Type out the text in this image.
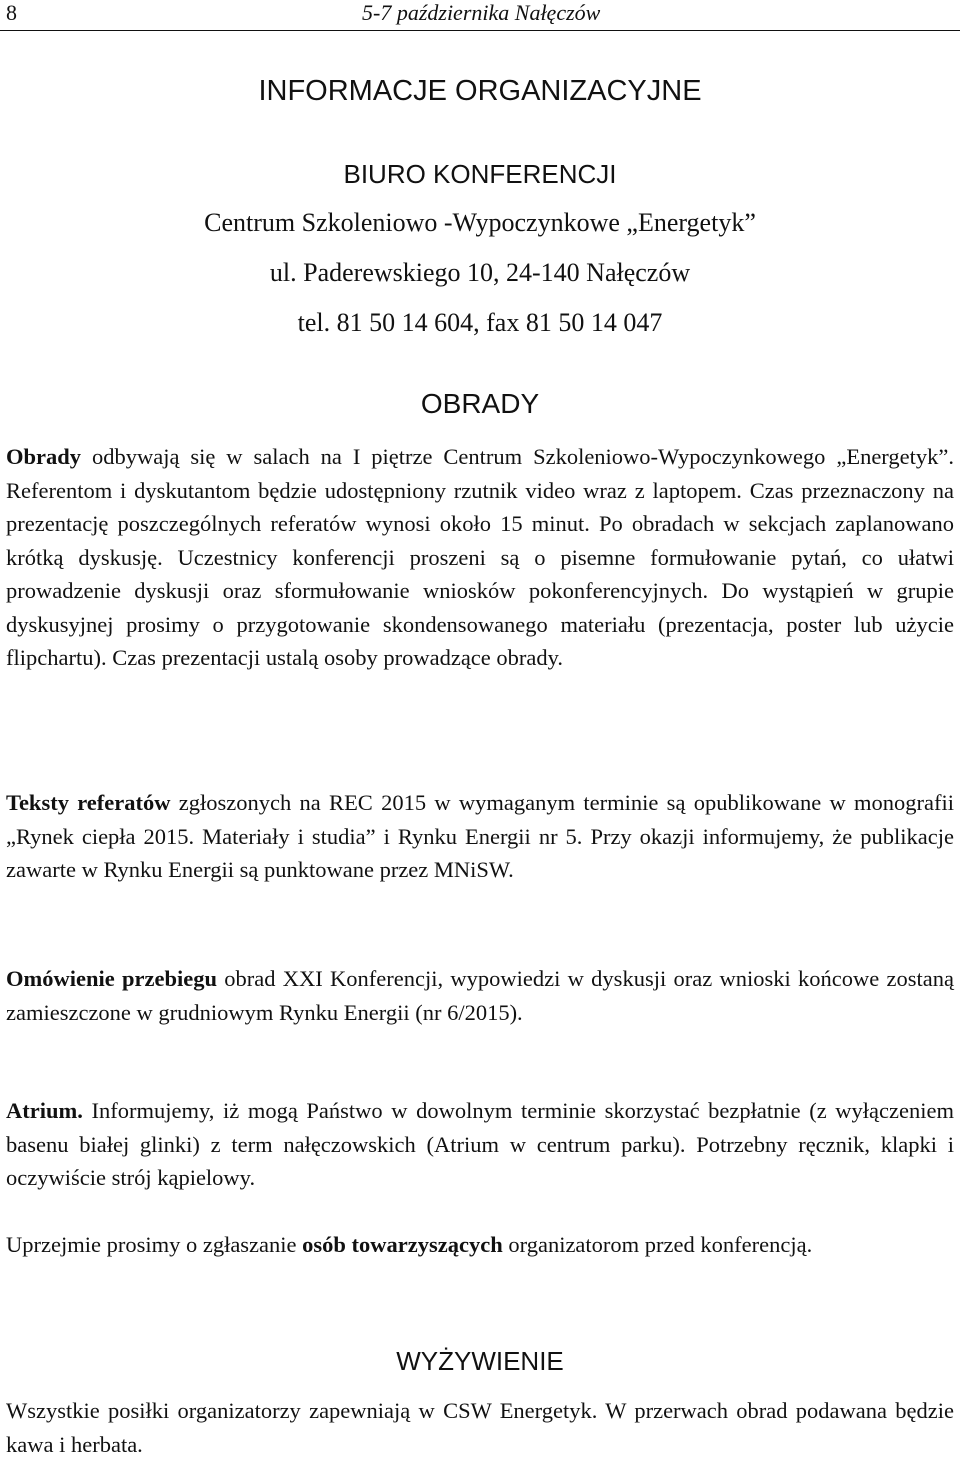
8	5-7 października Nałęczów
INFORMACJE ORGANIZACYJNE
BIURO KONFERENCJI
Centrum Szkoleniowo -Wypoczynkowe „Energetyk”
ul. Paderewskiego 10, 24-140 Nałęczów
tel. 81 50 14 604, fax 81 50 14 047
OBRADY

Obrady odbywają się w salach na I piętrze Centrum Szkoleniowo-Wypoczynkowego „Energetyk”. Referentom i dyskutantom będzie udostępniony rzutnik video wraz z laptopem. Czas przeznaczony na prezentację poszczególnych referatów wynosi około 15 minut. Po obradach w sekcjach zaplanowano krótką dyskusję. Uczestnicy konferencji proszeni są o pisemne formułowanie pytań, co ułatwi prowadzenie dyskusji oraz sformułowanie wniosków pokonferencyjnych. Do wystąpień w grupie dyskusyjnej prosimy o przygotowanie skondensowanego materiału (prezentacja, poster lub użycie flipchartu). Czas prezentacji ustalą osoby prowadzące obrady.

Teksty referatów zgłoszonych na REC 2015 w wymaganym terminie są opublikowane w monografii „Rynek ciepła 2015. Materiały i studia” i Rynku Energii nr 5. Przy okazji informujemy, że publikacje zawarte w Rynku Energii są punktowane przez MNiSW.

Omówienie przebiegu obrad XXI Konferencji, wypowiedzi w dyskusji oraz wnioski końcowe zostaną zamieszczone w grudniowym Rynku Energii (nr 6/2015).

Atrium. Informujemy, iż mogą Państwo w dowolnym terminie skorzystać bezpłatnie (z wyłączeniem basenu białej glinki) z term nałęczowskich (Atrium w centrum parku). Potrzebny ręcznik, klapki i oczywiście strój kąpielowy.

Uprzejmie prosimy o zgłaszanie osób towarzyszących organizatorom przed konferencją.

WYŻYWIENIE

Wszystkie posiłki organizatorzy zapewniają w CSW Energetyk. W przerwach obrad podawana będzie kawa i herbata.
